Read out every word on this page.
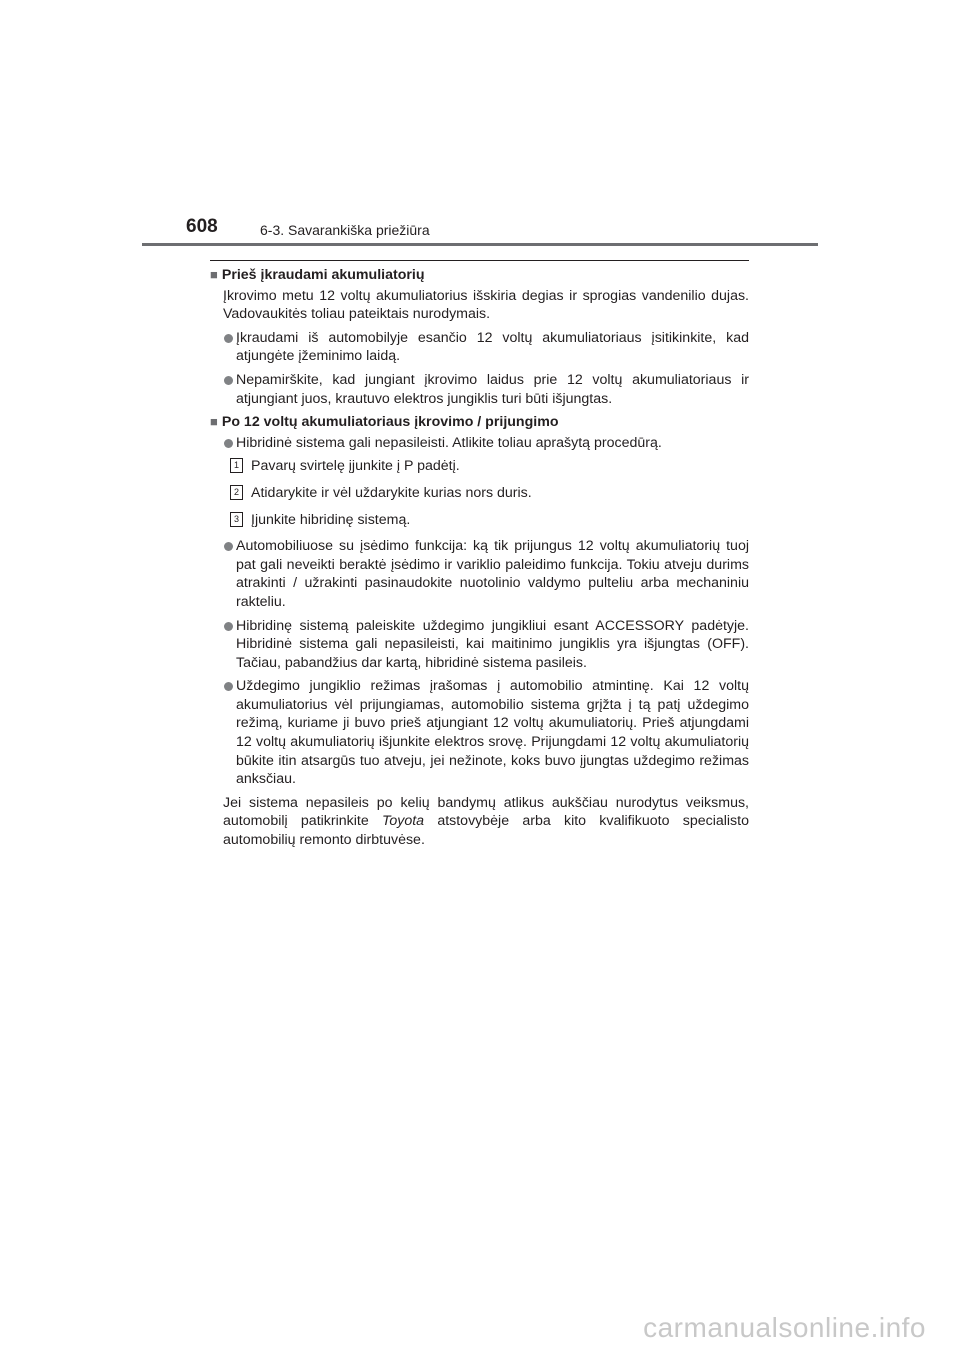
608	6-3. Savarankiška priežiūra
■ Prieš įkraudami akumuliatorių
Įkrovimo metu 12 voltų akumuliatorius išskiria degias ir sprogias vandenilio dujas. Vadovaukitės toliau pateiktais nurodymais.
Įkraudami iš automobilyje esančio 12 voltų akumuliatoriaus įsitikinkite, kad atjungėte įžeminimo laidą.
Nepamirškite, kad jungiant įkrovimo laidus prie 12 voltų akumuliatoriaus ir atjungiant juos, krautuvo elektros jungiklis turi būti išjungtas.
■ Po 12 voltų akumuliatoriaus įkrovimo / prijungimo
Hibridinė sistema gali nepasileisti. Atlikite toliau aprašytą procedūrą.
1 Pavarų svirtelę įjunkite į P padėtį.
2 Atidarykite ir vėl uždarykite kurias nors duris.
3 Įjunkite hibridinę sistemą.
Automobiliuose su įsėdimo funkcija: ką tik prijungus 12 voltų akumuliatorių tuoj pat gali neveikti beraktė įsėdimo ir variklio paleidimo funkcija. Tokiu atveju durims atrakinti / užrakinti pasinaudokite nuotolinio valdymo pulteliu arba mechaniniu rakteliu.
Hibridinę sistemą paleiskite uždegimo jungikliui esant ACCESSORY padėtyje. Hibridinė sistema gali nepasileisti, kai maitinimo jungiklis yra išjungtas (OFF). Tačiau, pabandžius dar kartą, hibridinė sistema pasileis.
Uždegimo jungiklio režimas įrašomas į automobilio atmintinę. Kai 12 voltų akumuliatorius vėl prijungiamas, automobilio sistema grįžta į tą patį uždegimo režimą, kuriame ji buvo prieš atjungiant 12 voltų akumuliatorių. Prieš atjungdami 12 voltų akumuliatorių išjunkite elektros srovę. Prijungdami 12 voltų akumuliatorių būkite itin atsargūs tuo atveju, jei nežinote, koks buvo įjungtas uždegimo režimas anksčiau.
Jei sistema nepasileis po kelių bandymų atlikus aukščiau nurodytus veiksmus, automobilį patikrinkite Toyota atstovybėje arba kito kvalifikuoto specialisto automobilių remonto dirbtuvėse.
carmanualsonline.info
